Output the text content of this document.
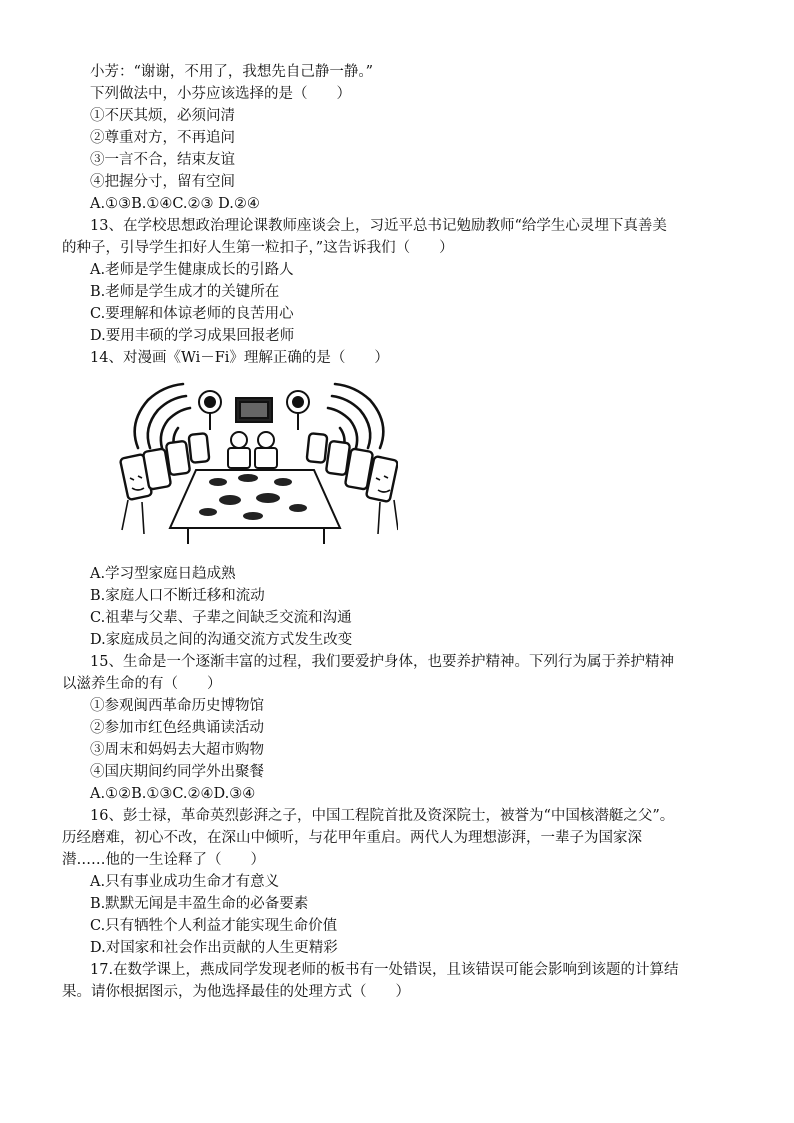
小芳：“谢谢，不用了，我想先自己静一静。”
下列做法中，小芬应该选择的是（　　）
①不厌其烦，必须问清
②尊重对方，不再追问
③一言不合，结束友谊
④把握分寸，留有空间
A.①③B.①④C.②③ D.②④
13、在学校思想政治理论课教师座谈会上，习近平总书记勉励教师“给学生心灵埋下真善美
的种子，引导学生扣好人生第一粒扣子，”这告诉我们（　　）
A.老师是学生健康成长的引路人
B.老师是学生成才的关键所在
C.要理解和体谅老师的良苦用心
D.要用丰硕的学习成果回报老师
14、对漫画《Wi－Fi》理解正确的是（　　）
A.学习型家庭日趋成熟
B.家庭人口不断迁移和流动
C.祖辈与父辈、子辈之间缺乏交流和沟通
D.家庭成员之间的沟通交流方式发生改变
15、生命是一个逐渐丰富的过程，我们要爱护身体，也要养护精神。下列行为属于养护精神
以滋养生命的有（　　）
①参观闽西革命历史博物馆
②参加市红色经典诵读活动
③周末和妈妈去大超市购物
④国庆期间约同学外出聚餐
A.①②B.①③C.②④D.③④
16、彭士禄，革命英烈彭湃之子，中国工程院首批及资深院士，被誉为“中国核潜艇之父”。
历经磨难，初心不改，在深山中倾听，与花甲年重启。两代人为理想澎湃，一辈子为国家深
潜……他的一生诠释了（　　）
A.只有事业成功生命才有意义
B.默默无闻是丰盈生命的必备要素
C.只有牺牲个人利益才能实现生命价值
D.对国家和社会作出贡献的人生更精彩
17.在数学课上，燕成同学发现老师的板书有一处错误，且该错误可能会影响到该题的计算结
果。请你根据图示，为他选择最佳的处理方式（　　）
